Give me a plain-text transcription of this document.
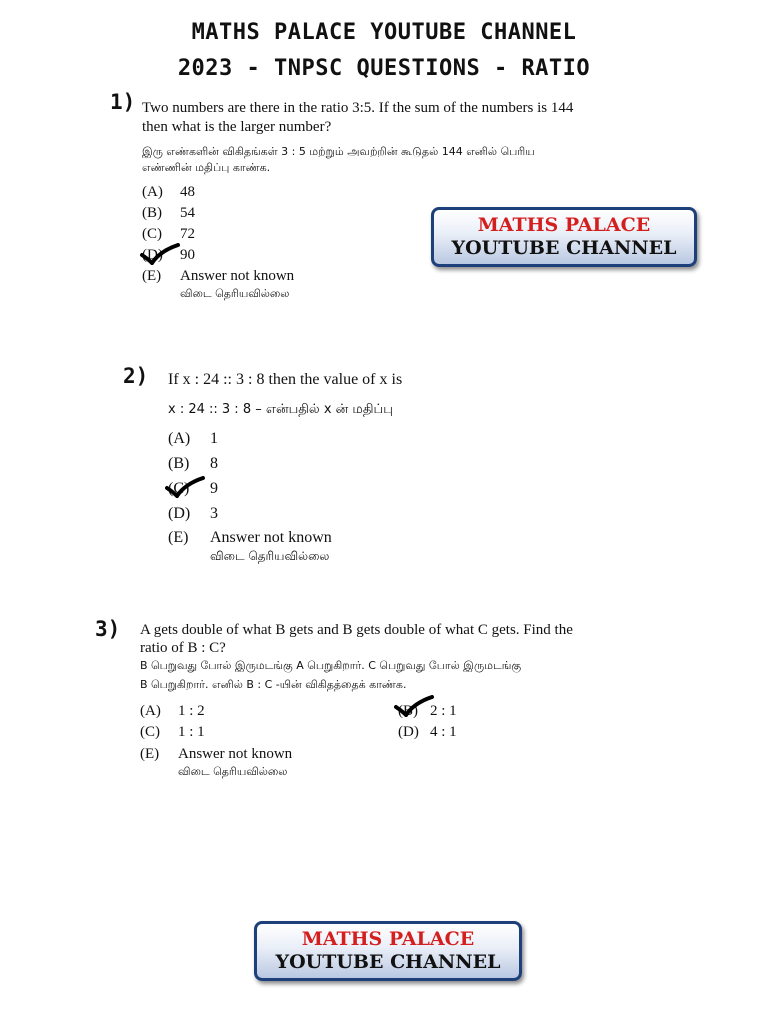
MATHS PALACE YOUTUBE CHANNEL
2023 - TNPSC QUESTIONS - RATIO
1) Two numbers are there in the ratio 3:5. If the sum of the numbers is 144
then what is the larger number?
இரு எண்களின் விகிதங்கள் 3 : 5 மற்றும் அவற்றின் கூடுதல் 144 எனில் பெரிய
எண்ணின் மதிப்பு காண்க.
(A) 48
(B) 54
(C) 72
(D) 90
(E) Answer not known
விடை தெரியவில்லை
MATHS PALACE
YOUTUBE CHANNEL
2) If x : 24 :: 3 : 8 then the value of x is
x : 24 :: 3 : 8 – என்பதில் x ன் மதிப்பு
(A) 1
(B) 8
(C) 9
(D) 3
(E) Answer not known
விடை தெரியவில்லை
3) A gets double of what B gets and B gets double of what C gets. Find the
ratio of B : C?
B பெறுவது போல் இருமடங்கு A பெறுகிறார். C பெறுவது போல் இருமடங்கு
B பெறுகிறார். எனில் B : C -யின் விகிதத்தைக் காண்க.
(A) 1 : 2	(B) 2 : 1
(C) 1 : 1	(D) 4 : 1
(E) Answer not known
விடை தெரியவில்லை
MATHS PALACE
YOUTUBE CHANNEL
